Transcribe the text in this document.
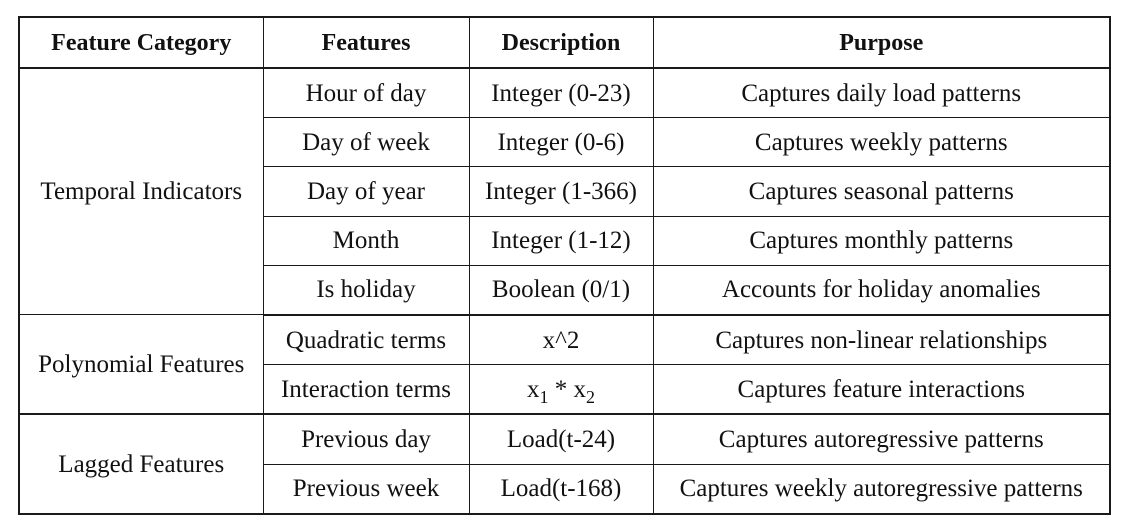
Feature Category	Features	Description	Purpose
Temporal Indicators	Hour of day	Integer (0-23)	Captures daily load patterns
	Day of week	Integer (0-6)	Captures weekly patterns
	Day of year	Integer (1-366)	Captures seasonal patterns
	Month	Integer (1-12)	Captures monthly patterns
	Is holiday	Boolean (0/1)	Accounts for holiday anomalies
Polynomial Features	Quadratic terms	x^2	Captures non-linear relationships
	Interaction terms	$x_1 * x_2$	Captures feature interactions
Lagged Features	Previous day	Load(t-24)	Captures autoregressive patterns
	Previous week	Load(t-168)	Captures weekly autoregressive patterns
